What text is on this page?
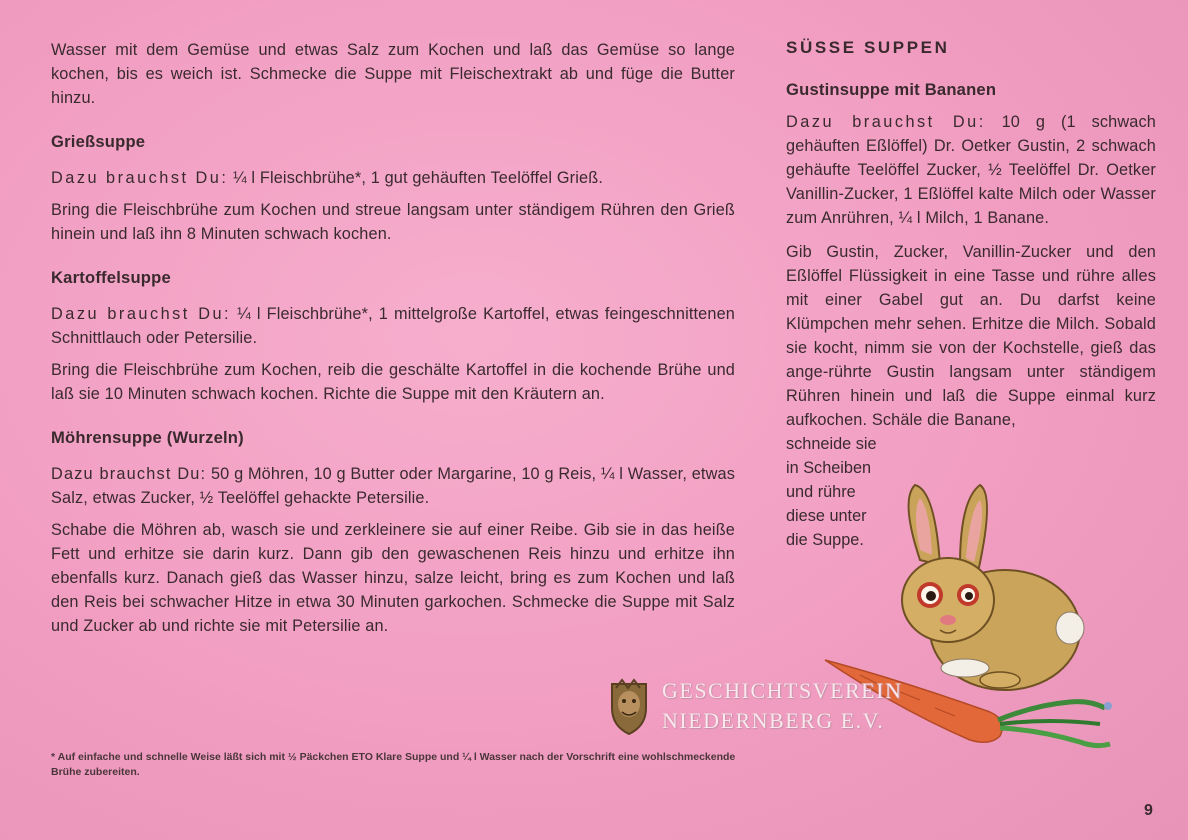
Wasser mit dem Gemüse und etwas Salz zum Kochen und laß das Gemüse so lange kochen, bis es weich ist. Schmecke die Suppe mit Fleischextrakt ab und füge die Butter hinzu.

Grießsuppe

Dazu brauchst Du: ¼ l Fleischbrühe*, 1 gut gehäuften Teelöffel Grieß.

Bring die Fleischbrühe zum Kochen und streue langsam unter ständigem Rühren den Grieß hinein und laß ihn 8 Minuten schwach kochen.

Kartoffelsuppe

Dazu brauchst Du: ¼ l Fleischbrühe*, 1 mittelgroße Kartoffel, etwas feingeschnittenen Schnittlauch oder Petersilie.

Bring die Fleischbrühe zum Kochen, reib die geschälte Kartoffel in die kochende Brühe und laß sie 10 Minuten schwach kochen. Richte die Suppe mit den Kräutern an.

Möhrensuppe (Wurzeln)

Dazu brauchst Du: 50 g Möhren, 10 g Butter oder Margarine, 10 g Reis, ¼ l Wasser, etwas Salz, etwas Zucker, ½ Teelöffel gehackte Petersilie.

Schabe die Möhren ab, wasch sie und zerkleinere sie auf einer Reibe. Gib sie in das heiße Fett und erhitze sie darin kurz. Dann gib den gewaschenen Reis hinzu und erhitze ihn ebenfalls kurz. Danach gieß das Wasser hinzu, salze leicht, bring es zum Kochen und laß den Reis bei schwacher Hitze in etwa 30 Minuten garkochen. Schmecke die Suppe mit Salz und Zucker ab und richte sie mit Petersilie an.

* Auf einfache und schnelle Weise läßt sich mit ½ Päckchen ETO Klare Suppe und ¼ l Wasser nach der Vorschrift eine wohlschmeckende Brühe zubereiten.

SÜSSE SUPPEN
Gustinsuppe mit Bananen

Dazu brauchst Du: 10 g (1 schwach gehäuften Eßlöffel) Dr. Oetker Gustin, 2 schwach gehäufte Teelöffel Zucker, ½ Teelöffel Dr. Oetker Vanillin-Zucker, 1 Eßlöffel kalte Milch oder Wasser zum Anrühren, ¼ l Milch, 1 Banane.

Gib Gustin, Zucker, Vanillin-Zucker und den Eßlöffel Flüssigkeit in eine Tasse und rühre alles mit einer Gabel gut an. Du darfst keine Klümpchen mehr sehen. Erhitze die Milch. Sobald sie kocht, nimm sie von der Kochstelle, gieß das ange-rührte Gustin langsam unter ständigem Rühren hinein und laß die Suppe einmal kurz aufkochen. Schäle die Banane,

schneide sie
in Scheiben
und rühre
diese unter
die Suppe.
GESCHICHTSVEREIN
NIEDERNBERG E.V.
9
